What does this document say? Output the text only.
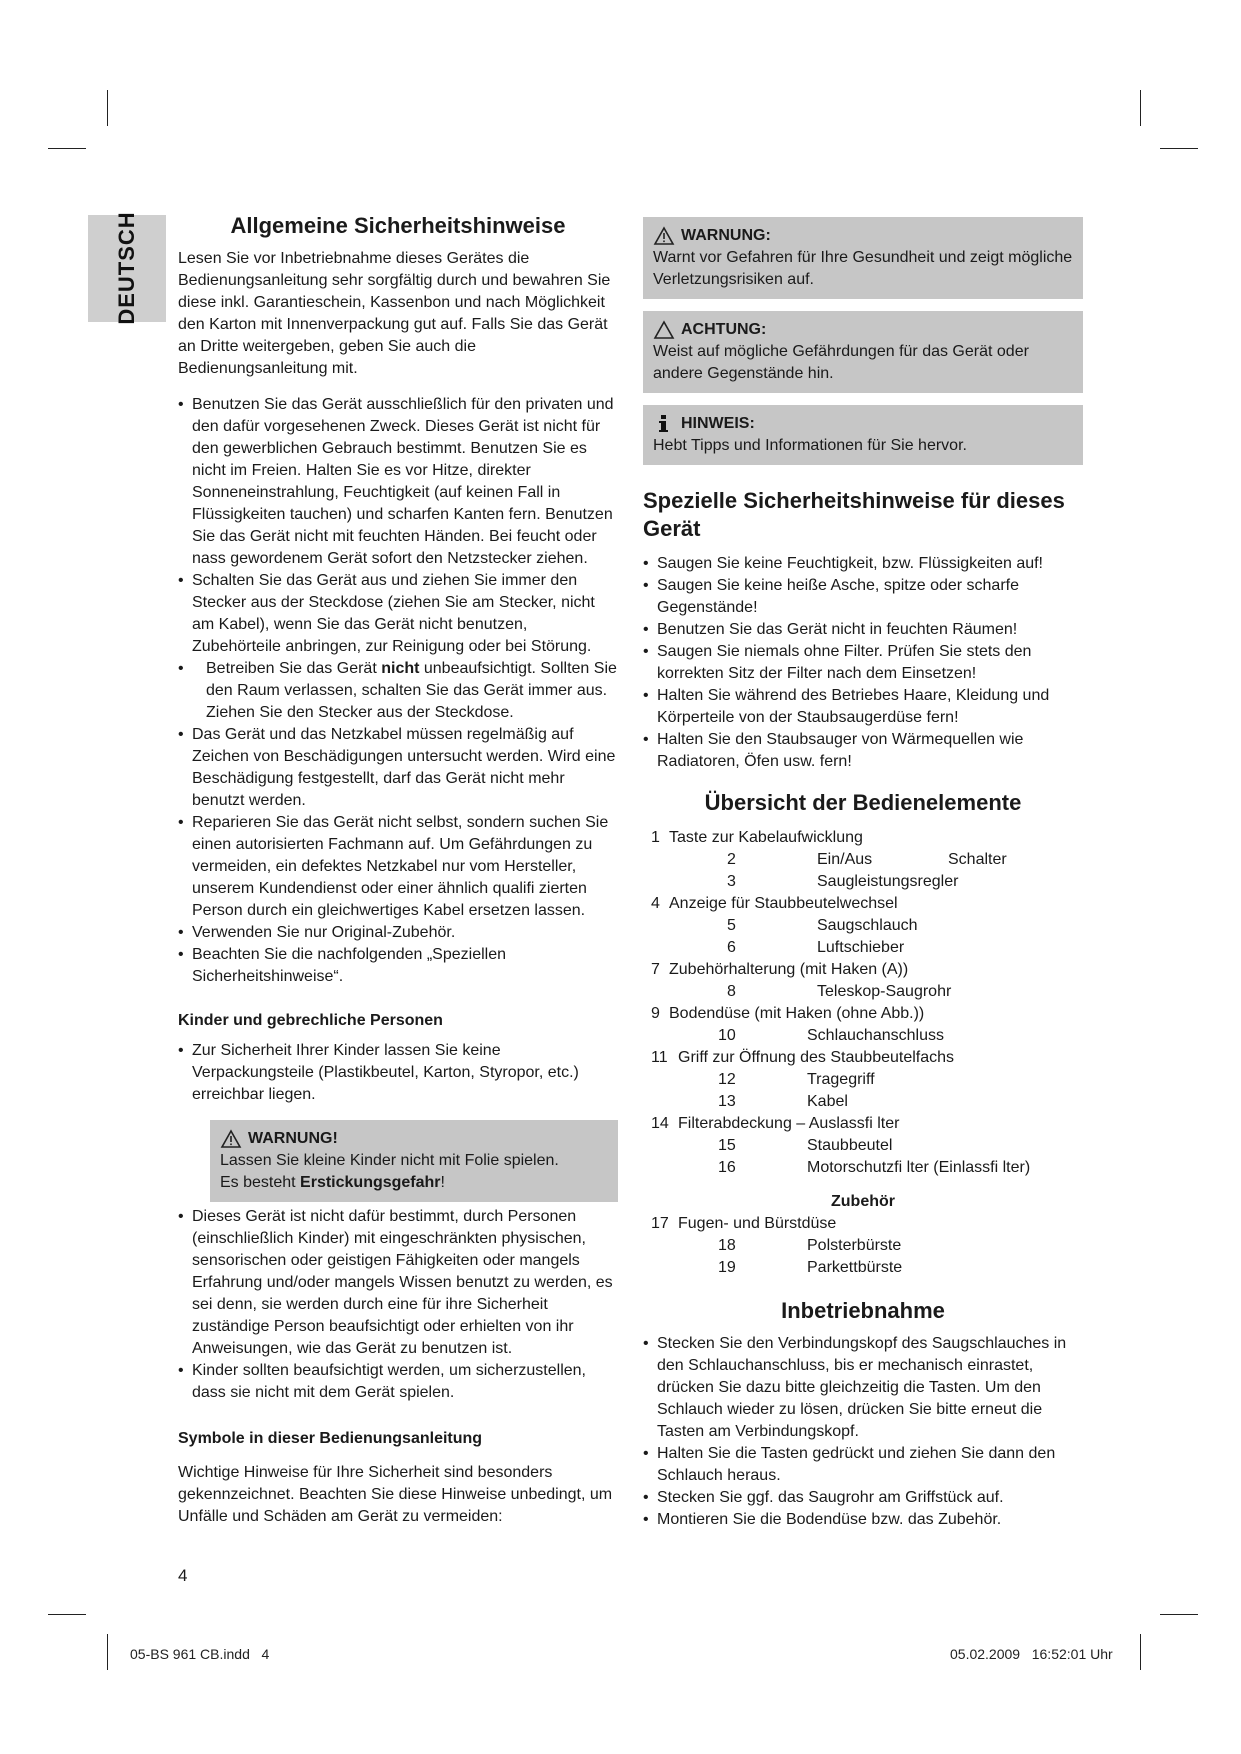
DEUTSCH	Allgemeine Sicherheitshinweise

Lesen Sie vor Inbetriebnahme dieses Gerätes die Bedienungsanleitung sehr sorgfältig durch und bewahren Sie diese inkl. Garantieschein, Kassenbon und nach Möglichkeit den Karton mit Innenverpackung gut auf. Falls Sie das Gerät an Dritte weitergeben, geben Sie auch die Bedienungsanleitung mit.

• Benutzen Sie das Gerät ausschließlich für den privaten und den dafür vorgesehenen Zweck. Dieses Gerät ist nicht für den gewerblichen Gebrauch bestimmt. Benutzen Sie es nicht im Freien. Halten Sie es vor Hitze, direkter Sonneneinstrahlung, Feuchtigkeit (auf keinen Fall in Flüssigkeiten tauchen) und scharfen Kanten fern. Benutzen Sie das Gerät nicht mit feuchten Händen. Bei feucht oder nass gewordenem Gerät sofort den Netzstecker ziehen.
• Schalten Sie das Gerät aus und ziehen Sie immer den Stecker aus der Steckdose (ziehen Sie am Stecker, nicht am Kabel), wenn Sie das Gerät nicht benutzen, Zubehörteile anbringen, zur Reinigung oder bei Störung.
• Betreiben Sie das Gerät nicht unbeaufsichtigt. Sollten Sie den Raum verlassen, schalten Sie das Gerät immer aus. Ziehen Sie den Stecker aus der Steckdose.
• Das Gerät und das Netzkabel müssen regelmäßig auf Zeichen von Beschädigungen untersucht werden. Wird eine Beschädigung festgestellt, darf das Gerät nicht mehr benutzt werden.
• Reparieren Sie das Gerät nicht selbst, sondern suchen Sie einen autorisierten Fachmann auf. Um Gefährdungen zu vermeiden, ein defektes Netzkabel nur vom Hersteller, unserem Kundendienst oder einer ähnlich qualifi zierten Person durch ein gleichwertiges Kabel ersetzen lassen.
• Verwenden Sie nur Original-Zubehör.
• Beachten Sie die nachfolgenden „Speziellen Sicherheitshinweise“.
Kinder und gebrechliche Personen
• Zur Sicherheit Ihrer Kinder lassen Sie keine Verpackungsteile (Plastikbeutel, Karton, Styropor, etc.) erreichbar liegen.
WARNUNG!

Lassen Sie kleine Kinder nicht mit Folie spielen.

Es besteht Erstickungsgefahr!

• Dieses Gerät ist nicht dafür bestimmt, durch Personen (einschließlich Kinder) mit eingeschränkten physischen, sensorischen oder geistigen Fähigkeiten oder mangels Erfahrung und/oder mangels Wissen benutzt zu werden, es sei denn, sie werden durch eine für ihre Sicherheit zuständige Person beaufsichtigt oder erhielten von ihr Anweisungen, wie das Gerät zu benutzen ist.
• Kinder sollten beaufsichtigt werden, um sicherzustellen, dass sie nicht mit dem Gerät spielen.
Symbole in dieser Bedienungsanleitung

Wichtige Hinweise für Ihre Sicherheit sind besonders gekennzeichnet. Beachten Sie diese Hinweise unbedingt, um Unfälle und Schäden am Gerät zu vermeiden:

WARNUNG:

Warnt vor Gefahren für Ihre Gesundheit und zeigt mögliche Verletzungsrisiken auf.

ACHTUNG:

Weist auf mögliche Gefährdungen für das Gerät oder andere Gegenstände hin.

HINWEIS:

Hebt Tipps und Informationen für Sie hervor.

Spezielle Sicherheitshinweise für dieses Gerät
• Saugen Sie keine Feuchtigkeit, bzw. Flüssigkeiten auf!
• Saugen Sie keine heiße Asche, spitze oder scharfe Gegenstände!
• Benutzen Sie das Gerät nicht in feuchten Räumen!
• Saugen Sie niemals ohne Filter. Prüfen Sie stets den korrekten Sitz der Filter nach dem Einsetzen!
• Halten Sie während des Betriebes Haare, Kleidung und Körperteile von der Staubsaugerdüse fern!
• Halten Sie den Staubsauger von Wärmequellen wie Radiatoren, Öfen usw. fern!
Übersicht der Bedienelemente
1 Taste zur Kabelaufwicklung
2	Ein/Aus	Schalter
3	Saugleistungsregler
4 Anzeige für Staubbeutelwechsel
5	Saugschlauch
6	Luftschieber
7 Zubehörhalterung (mit Haken (A))
8	Teleskop-Saugrohr
9 Bodendüse (mit Haken (ohne Abb.))
10	Schlauchanschluss
11 Griff zur Öffnung des Staubbeutelfachs
12	Tragegriff
13	Kabel
14 Filterabdeckung – Auslassfi lter
15	Staubbeutel
16	Motorschutzfi lter (Einlassfi lter)
Zubehör
17 Fugen- und Bürstdüse
18	Polsterbürste
19	Parkettbürste
Inbetriebnahme
• Stecken Sie den Verbindungskopf des Saugschlauches in den Schlauchanschluss, bis er mechanisch einrastet, drücken Sie dazu bitte gleichzeitig die Tasten. Um den Schlauch wieder zu lösen, drücken Sie bitte erneut die Tasten am Verbindungskopf.
• Halten Sie die Tasten gedrückt und ziehen Sie dann den Schlauch heraus.
• Stecken Sie ggf. das Saugrohr am Griffstück auf.
• Montieren Sie die Bodendüse bzw. das Zubehör.
4
05-BS 961 CB.indd   4	05.02.2009   16:52:01 Uhr
